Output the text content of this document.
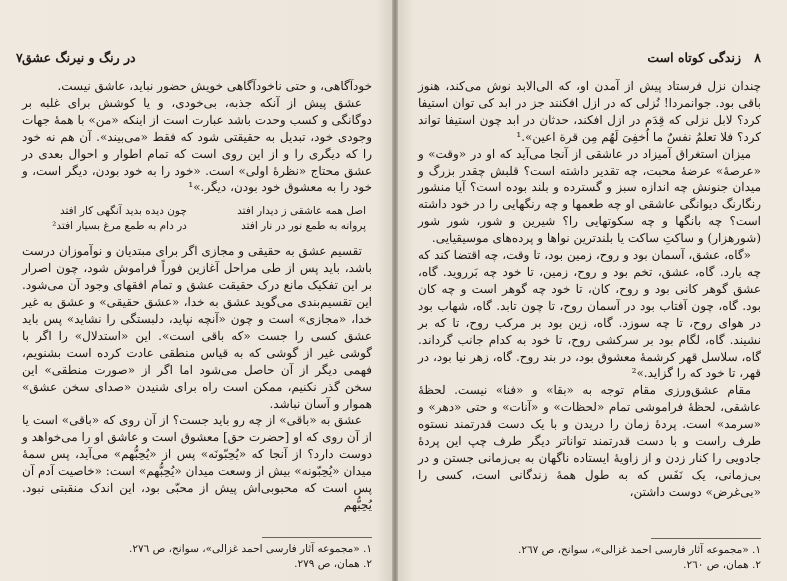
در رنگ و نیرنگ عشق
٧

خودآگاهی، و حتی ناخودآگاهی خویش حضور نباید، عاشق نیست.

عشق پیش از آنکه جذبه، بی‌خودی، و یا کوشش برای غلبه بر دوگانگی و کسب وحدت باشد عبارت است از اینکه «من» با همهٔ جهات وجودی خود، تبدیل به حقیقتی شود که فقط «می‌بیند». آن هم نه خود را که دیگری را و از این روی است که تمام اطوار و احوال بعدی در عشق محتاج «نظرهٔ اولی» است. «خود را به خود بودن، دیگر است، و خود را به معشوق خود بودن، دیگر.»¹

اصل همه عاشقی ز دیدار افتد
چون دیده بدید آنگهی کار افتد
پروانه به طمع نور در نار افتد
در دام به طمع مرغ بسیار افتد²

تقسیم عشق به حقیقی و مجازی اگر برای مبتدیان و نوآموزان درست باشد، باید پس از طی مراحل آغازین فوراً فراموش شود، چون اصرار بر این تفکیک مانع درک حقیقت عشق و تمام افقهای وجود آن می‌شود. این تقسیم‌بندی می‌گوید عشق به خدا، «عشق حقیقی» و عشق به غیر خدا، «مجازی» است و چون «آنچه نپاید، دلبستگی را نشاید» پس باید عشق کسی را جست «که باقی است». این «استدلال» را اگر با گوشی غیر از گوشی که به قیاس منطقی عادت کرده است بشنویم، فهمی دیگر از آن حاصل می‌شود اما اگر از «صورت منطقی» این سخن گذر نکنیم، ممکن است راه برای شنیدن «صدای سخن عشق» هموار و آسان نباشد.

عشق به «باقی» از چه رو باید جست؟ از آن روی که «باقی» است یا از آن روی که او [حضرت حق] معشوق است و عاشق او را می‌خواهد و دوست دارد؟ از آنجا که «یُحِبّونَه» پس از «یُحِبُّهم» می‌آید، پس سمهٔ میدان «یُحِبّونه» بیش از وسعت میدان «یُحِبُّهم» است: «خاصیت آدم آن پس است که محبوبی‌اش پیش از محبّی بود، این اندک منقبتی نبود. یُحِبُّهم

١. «مجموعه آثار فارسی احمد غزالی»، سوانح، ص ٢٧٦.
٢. همان، ص ٢٧٩.
٨
زندگی کوتاه است

چندان نزل فرستاد پیش از آمدن او، که الی‌الابد نوش می‌کند، هنوز باقی بود. جوانمردا! نُزلی که در ازل افکنند جز در ابد کی توان استیفا کرد؟ لابل نزلی که قِدَم در ازل افکند، حدثان در ابد چون استیفا تواند کرد؟ فلا تعلمُ نفسٌ ما اُخفِیَ لَهُم مِن قرة اعین».¹

میزان استغراق آمیزاد در عاشقی از آنجا می‌آید که او در «وقت» و «عرصهٔ» عرضهٔ محبت، چه تقدیر داشته است؟ قلبش چقدر بزرگ و میدان جنونش چه اندازه سبز و گسترده و بلند بوده است؟ آیا منشور رنگارنگ دیوانگی عاشقی او چه طعمها و چه رنگهایی را در خود داشته است؟ چه بانگها و چه سکوتهایی را؟ شیرین و شور، شور شور (شورهزار) و ساکتِ ساکت یا بلندترین نواها و پرده‌های موسیقیایی.

«گاه، عشق، آسمان بود و روح، زمین بود، تا وقت، چه اقتضا کند که چه بارد. گاه، عشق، تخم بود و روح، زمین، تا خود چه بَرروید. گاه، عشق گوهر کانی بود و روح، کان، تا خود چه گوهر است و چه کان بود. گاه، چون آفتاب بود در آسمان روح، تا چون تابد. گاه، شهاب بود در هوای روح، تا چه سوزد. گاه، زین بود بر مرکب روح، تا که بر نشیند. گاه، لگام بود بر سرکشی روح، تا خود به کدام جانب گرداند. گاه، سلاسل قهر کرشمهٔ معشوق بود، در بند روح. گاه، زهر نیا بود، در قهر، تا خود که را گزاید.»²

مقام عشق‌ورزی مقام توجه به «بقا» و «فنا» نیست. لحظهٔ عاشقی، لحظهٔ فراموشی تمام «لحظات» و «آنات» و حتی «دهر» و «سرمد» است. پردهٔ زمان را دریدن و با یک دست قدرتمند نستوه طرف راست و با دست قدرتمند تواناتر دیگر طرف چپ این پردهٔ جادویی را کنار زدن و از زاویهٔ ایستاده ناگهان به بی‌زمانی جستن و در بی‌زمانی، یک نَفَس که به طول همهٔ زندگانی است، کسی را «بی‌غرض» دوست داشتن،

١. «مجموعه آثار فارسی احمد غزالی»، سوانح، ص ٢٦٧.
٢. همان، ص ٢٦٠.
